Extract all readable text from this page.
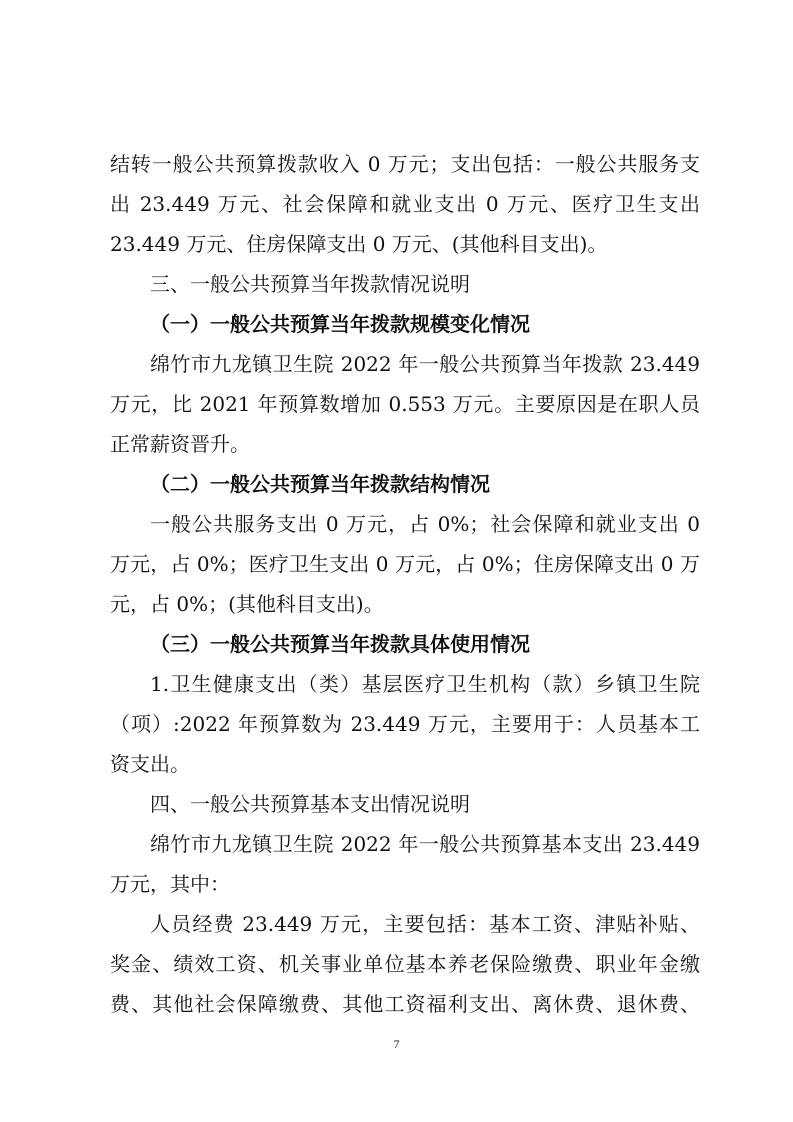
结转一般公共预算拨款收入 0 万元；支出包括：一般公共服务支
出 23.449 万元、社会保障和就业支出 0 万元、医疗卫生支出
23.449 万元、住房保障支出 0 万元、(其他科目支出)。
三、一般公共预算当年拨款情况说明
（一）一般公共预算当年拨款规模变化情况
绵竹市九龙镇卫生院 2022 年一般公共预算当年拨款 23.449
万元，比 2021 年预算数增加 0.553 万元。主要原因是在职人员
正常薪资晋升。
（二）一般公共预算当年拨款结构情况
一般公共服务支出 0 万元，占 0%；社会保障和就业支出 0
万元，占 0%；医疗卫生支出 0 万元，占 0%；住房保障支出 0 万
元，占 0%；(其他科目支出)。
（三）一般公共预算当年拨款具体使用情况
1.卫生健康支出（类）基层医疗卫生机构（款）乡镇卫生院
（项）:2022 年预算数为 23.449 万元，主要用于：人员基本工
资支出。
四、一般公共预算基本支出情况说明
绵竹市九龙镇卫生院 2022 年一般公共预算基本支出 23.449
万元，其中：
人员经费 23.449 万元，主要包括：基本工资、津贴补贴、
奖金、绩效工资、机关事业单位基本养老保险缴费、职业年金缴
费、其他社会保障缴费、其他工资福利支出、离休费、退休费、
7
